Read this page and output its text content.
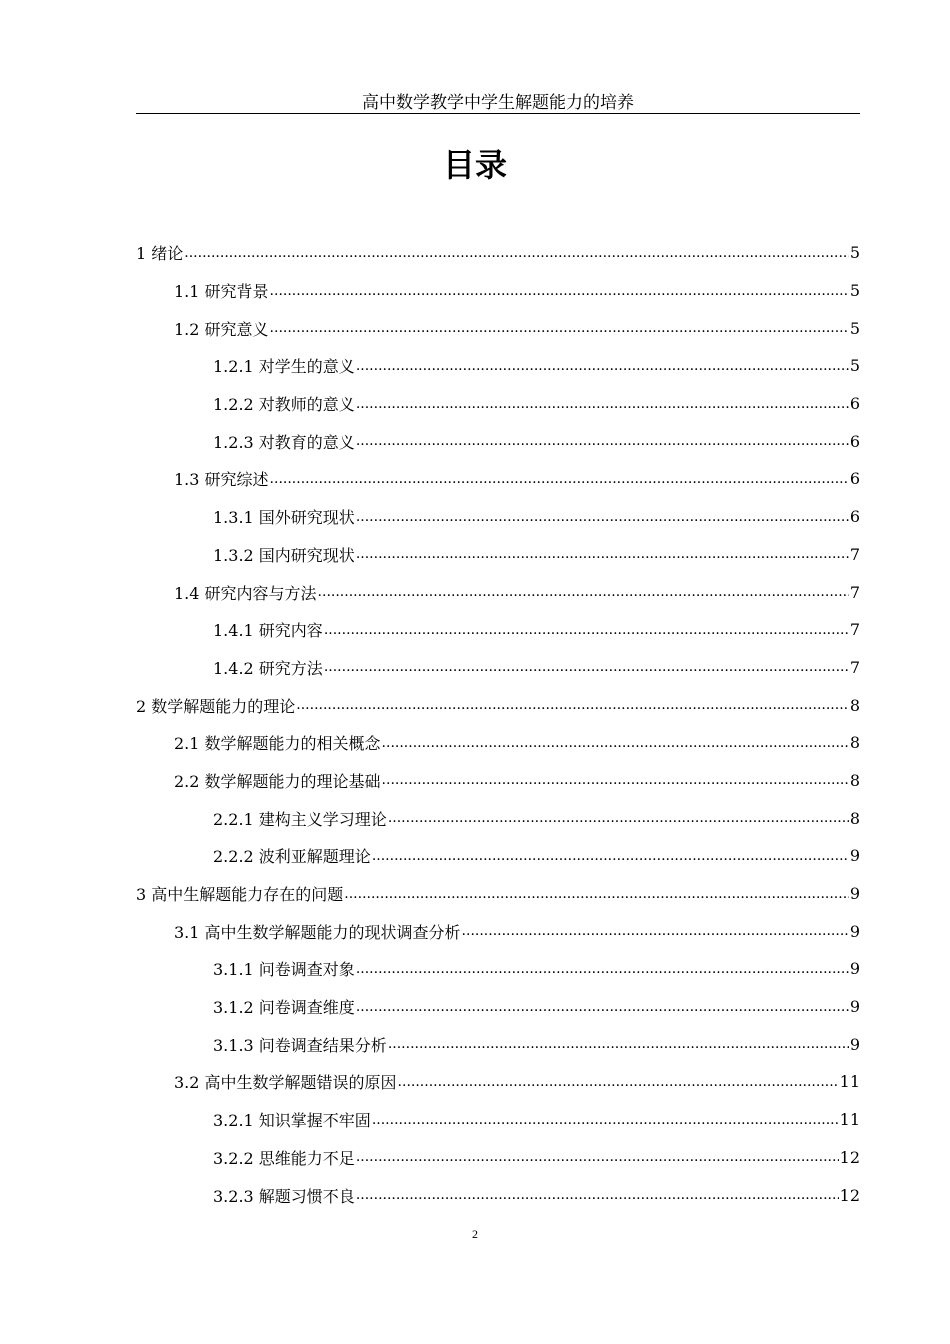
高中数学教学中学生解题能力的培养
目录
1 绪论 .....	5
1.1 研究背景 .....	5
1.2 研究意义 .....	5
1.2.1 对学生的意义 .....	5
1.2.2 对教师的意义 .....	6
1.2.3 对教育的意义 .....	6
1.3 研究综述 .....	6
1.3.1 国外研究现状 .....	6
1.3.2 国内研究现状 .....	7
1.4 研究内容与方法 .....	7
1.4.1 研究内容 .....	7
1.4.2 研究方法 .....	7
2 数学解题能力的理论 .....	8
2.1 数学解题能力的相关概念 .....	8
2.2 数学解题能力的理论基础 .....	8
2.2.1 建构主义学习理论 .....	8
2.2.2 波利亚解题理论 .....	9
3 高中生解题能力存在的问题 .....	9
3.1 高中生数学解题能力的现状调查分析 .....	9
3.1.1 问卷调查对象 .....	9
3.1.2 问卷调查维度 .....	9
3.1.3 问卷调查结果分析 .....	9
3.2 高中生数学解题错误的原因 .....	11
3.2.1 知识掌握不牢固 .....	11
3.2.2 思维能力不足 .....	12
3.2.3 解题习惯不良 .....	12
2
